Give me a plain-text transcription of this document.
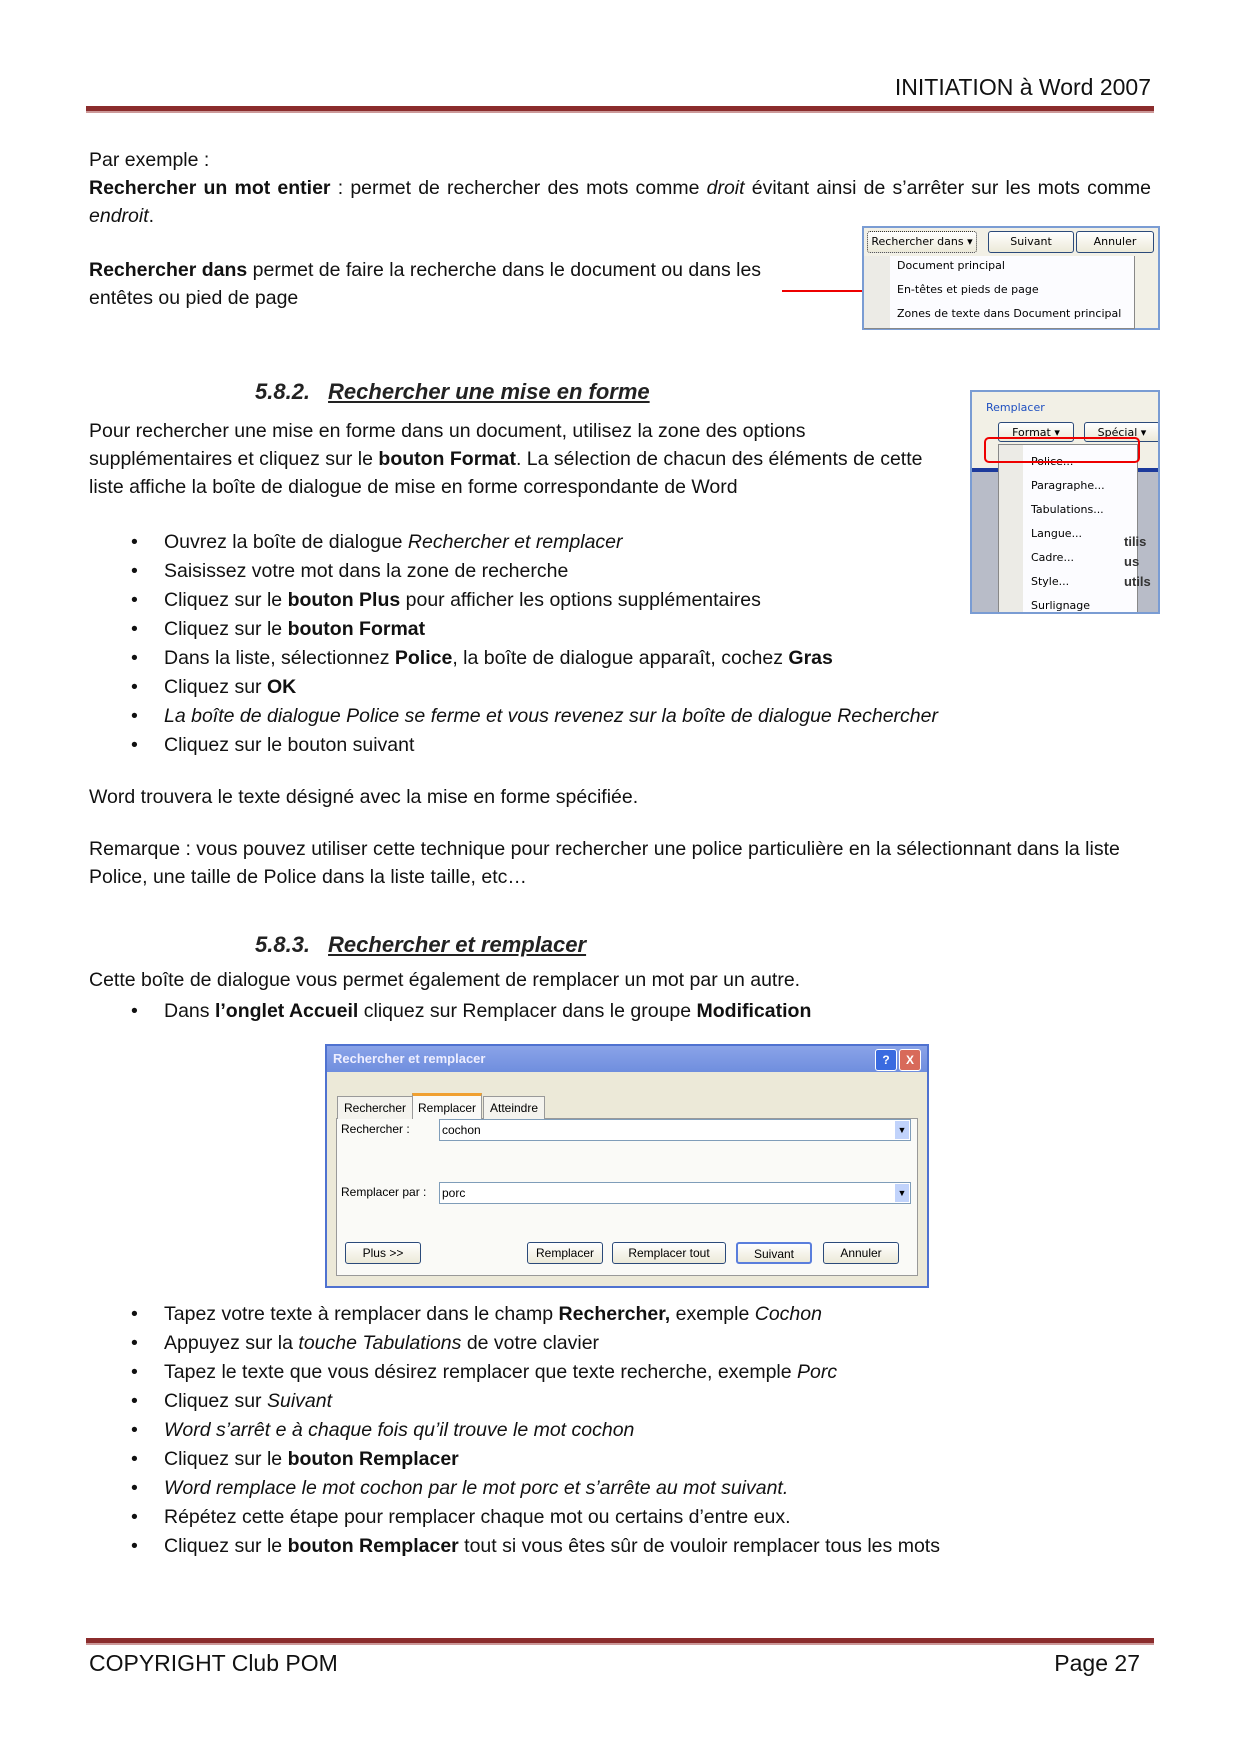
INITIATION à Word 2007

Par exemple :

Rechercher un mot entier : permet de rechercher des mots comme droit évitant ainsi de s’arrêter sur les mots comme endroit.

Rechercher dans permet de faire la recherche dans le document ou dans les entêtes ou pied de page

Rechercher dans ▾	Suivant	Annuler
Document principal
En-têtes et pieds de page
Zones de texte dans Document principal
5.8.2. Rechercher une mise en forme

Pour rechercher une mise en forme dans un document, utilisez la zone des options supplémentaires et cliquez sur le bouton Format. La sélection de chacun des éléments de cette liste affiche la boîte de dialogue de mise en forme correspondante de Word

Remplacer
Format ▾	Spécial ▾
tilis
us
utils
Police...
Paragraphe...
Tabulations...
Langue...
Cadre...
Style...
Surlignage
• Ouvrez la boîte de dialogue Rechercher et remplacer
• Saisissez votre mot dans la zone de recherche
• Cliquez sur le bouton Plus pour afficher les options supplémentaires
• Cliquez sur le bouton Format
• Dans la liste, sélectionnez Police, la boîte de dialogue apparaît, cochez Gras
• Cliquez sur OK
• La boîte de dialogue Police se ferme et vous revenez sur la boîte de dialogue Rechercher
• Cliquez sur le bouton suivant
Word trouvera le texte désigné avec la mise en forme spécifiée.
Remarque : vous pouvez utiliser cette technique pour rechercher une police particulière en la sélectionnant dans la liste Police, une taille de Police dans la liste taille, etc…
5.8.3. Rechercher et remplacer
Cette boîte de dialogue vous permet également de remplacer un mot par un autre.
• Dans l’onglet Accueil cliquez sur Remplacer dans le groupe Modification
Rechercher et remplacer	?	X
Rechercher Remplacer	Atteindre
Rechercher :	cochon	▼
Remplacer par : porc	▼
Plus >>	Remplacer	Remplacer tout	Suivant	Annuler
• Tapez votre texte à remplacer dans le champ Rechercher, exemple Cochon
• Appuyez sur la touche Tabulations de votre clavier
• Tapez le texte que vous désirez remplacer que texte recherche, exemple Porc
• Cliquez sur Suivant
• Word s’arrêt e à chaque fois qu’il trouve le mot cochon
• Cliquez sur le bouton Remplacer
• Word remplace le mot cochon par le mot porc et s’arrête au mot suivant.
• Répétez cette étape pour remplacer chaque mot ou certains d’entre eux.
• Cliquez sur le bouton Remplacer tout si vous êtes sûr de vouloir remplacer tous les mots
COPYRIGHT Club POM	Page 27
